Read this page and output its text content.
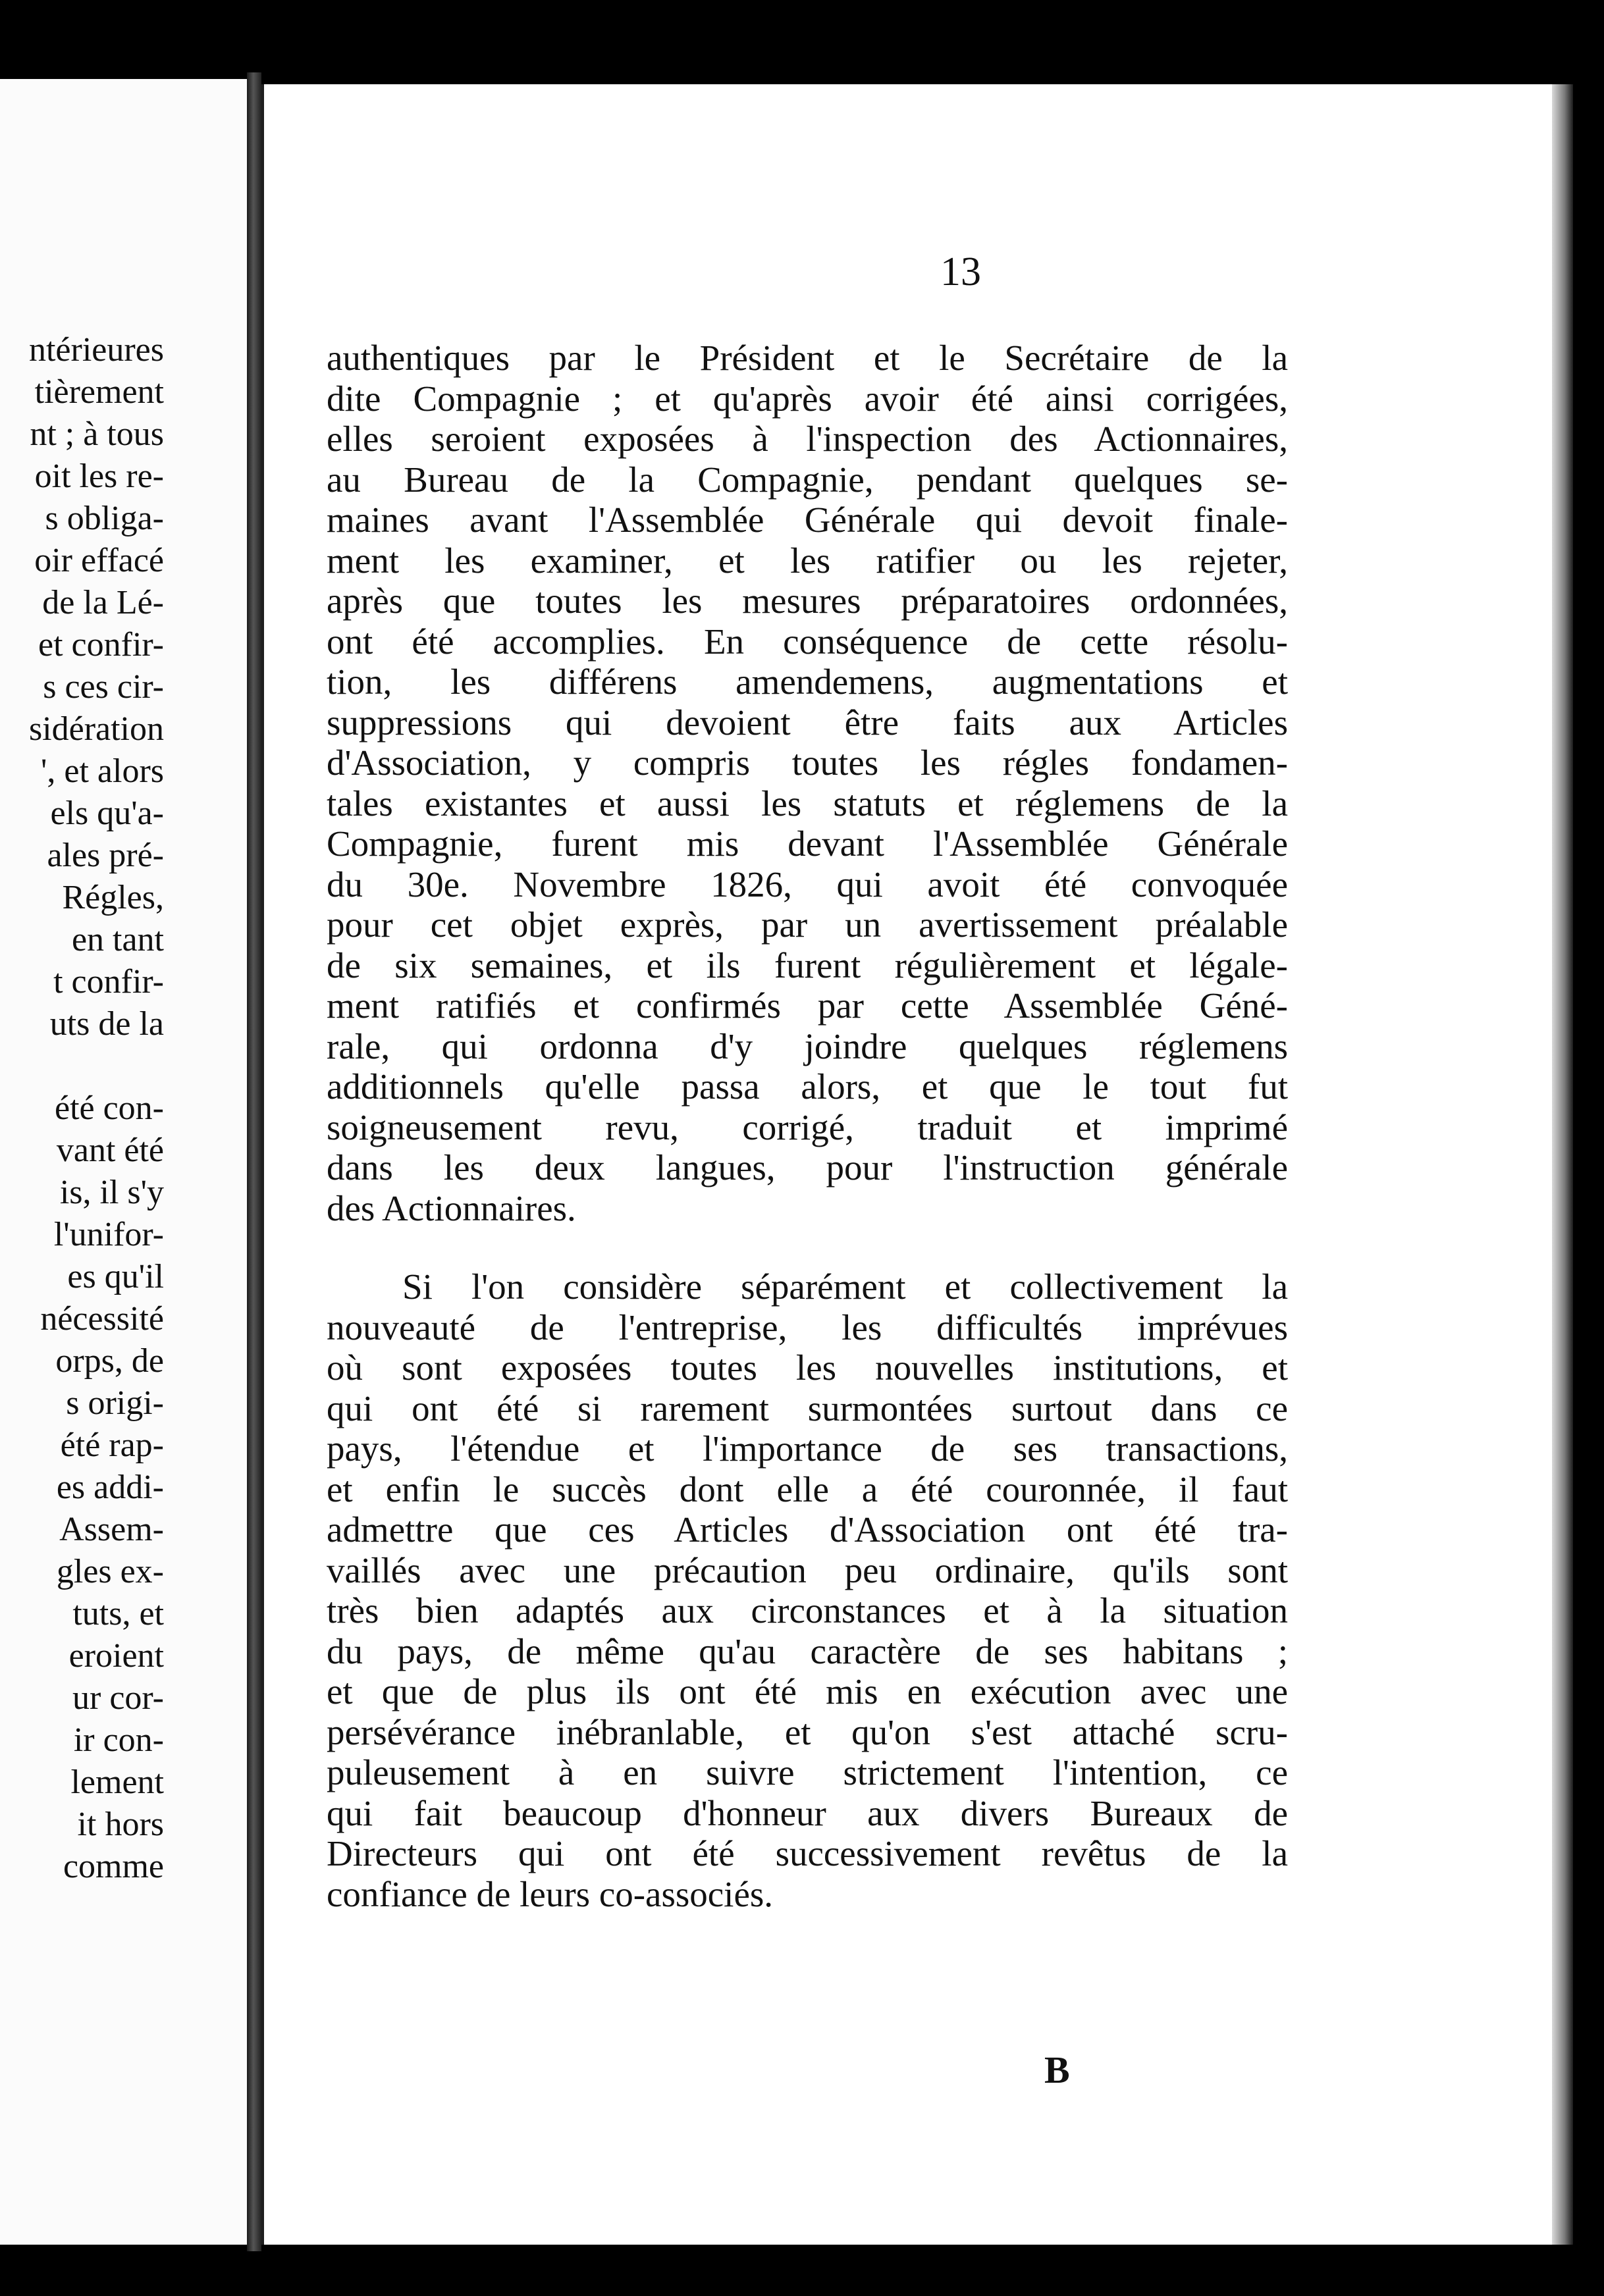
ntérieures
tièrement
nt ; à tous
oit les re-
s obliga-
oir effacé
de la Lé-
et confir-
s ces cir-
sidération
', et alors
els qu'a-
ales pré-
Régles,
en tant
t confir-
uts de la
été con-
vant été
is, il s'y
l'unifor-
es qu'il
nécessité
orps, de
s origi-
été rap-
es addi-
Assem-
gles ex-
tuts, et
eroient
ur cor-
ir con-
lement
it hors
comme
13
authentiques par le Président et le Secrétaire de la
dite Compagnie ; et qu'après avoir été ainsi corrigées,
elles seroient exposées à l'inspection des Actionnaires,
au Bureau de la Compagnie, pendant quelques se-
maines avant l'Assemblée Générale qui devoit finale-
ment les examiner, et les ratifier ou les rejeter,
après que toutes les mesures préparatoires ordonnées,
ont été accomplies. En conséquence de cette résolu-
tion, les différens amendemens, augmentations et
suppressions qui devoient être faits aux Articles
d'Association, y compris toutes les régles fondamen-
tales existantes et aussi les statuts et réglemens de la
Compagnie, furent mis devant l'Assemblée Générale
du 30e. Novembre 1826, qui avoit été convoquée
pour cet objet exprès, par un avertissement préalable
de six semaines, et ils furent régulièrement et légale-
ment ratifiés et confirmés par cette Assemblée Géné-
rale, qui ordonna d'y joindre quelques réglemens
additionnels qu'elle passa alors, et que le tout fut
soigneusement revu, corrigé, traduit et imprimé
dans les deux langues, pour l'instruction générale
des Actionnaires.
Si l'on considère séparément et collectivement la
nouveauté de l'entreprise, les difficultés imprévues
où sont exposées toutes les nouvelles institutions, et
qui ont été si rarement surmontées surtout dans ce
pays, l'étendue et l'importance de ses transactions,
et enfin le succès dont elle a été couronnée, il faut
admettre que ces Articles d'Association ont été tra-
vaillés avec une précaution peu ordinaire, qu'ils sont
très bien adaptés aux circonstances et à la situation
du pays, de même qu'au caractère de ses habitans ;
et que de plus ils ont été mis en exécution avec une
persévérance inébranlable, et qu'on s'est attaché scru-
puleusement à en suivre strictement l'intention, ce
qui fait beaucoup d'honneur aux divers Bureaux de
Directeurs qui ont été successivement revêtus de la
confiance de leurs co-associés.
B
